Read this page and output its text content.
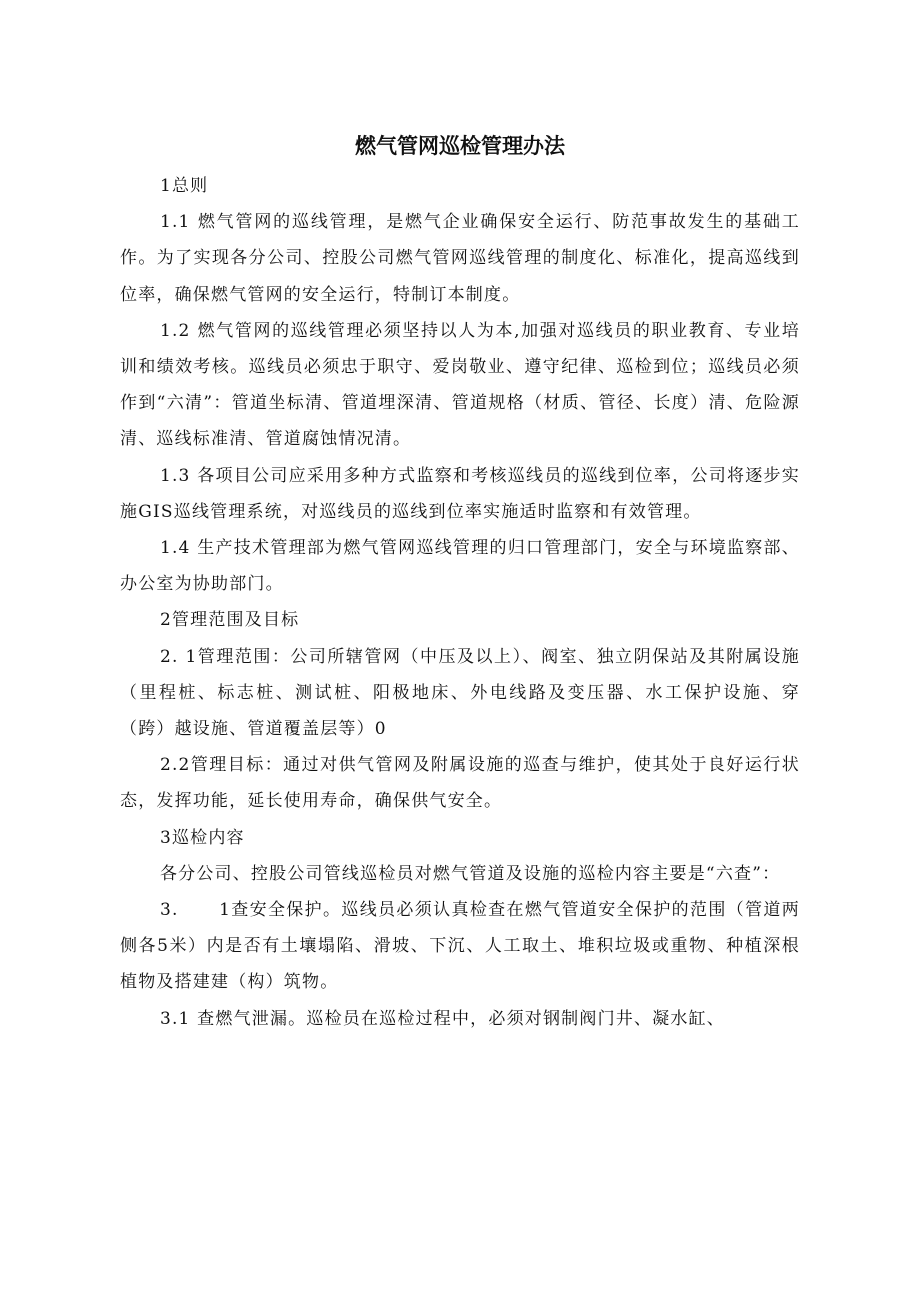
燃气管网巡检管理办法

1总则

1.1 燃气管网的巡线管理，是燃气企业确保安全运行、防范事故发生的基础工作。为了实现各分公司、控股公司燃气管网巡线管理的制度化、标准化，提高巡线到位率，确保燃气管网的安全运行，特制订本制度。

1.2 燃气管网的巡线管理必须坚持以人为本,加强对巡线员的职业教育、专业培训和绩效考核。巡线员必须忠于职守、爱岗敬业、遵守纪律、巡检到位；巡线员必须作到“六清”：管道坐标清、管道埋深清、管道规格（材质、管径、长度）清、危险源清、巡线标准清、管道腐蚀情况清。

1.3 各项目公司应采用多种方式监察和考核巡线员的巡线到位率，公司将逐步实施GIS巡线管理系统，对巡线员的巡线到位率实施适时监察和有效管理。

1.4 生产技术管理部为燃气管网巡线管理的归口管理部门，安全与环境监察部、办公室为协助部门。

2管理范围及目标

2. 1管理范围：公司所辖管网（中压及以上）、阀室、独立阴保站及其附属设施（里程桩、标志桩、测试桩、阳极地床、外电线路及变压器、水工保护设施、穿（跨）越设施、管道覆盖层等）0

2.2管理目标：通过对供气管网及附属设施的巡查与维护，使其处于良好运行状态，发挥功能，延长使用寿命，确保供气安全。

3巡检内容

各分公司、控股公司管线巡检员对燃气管道及设施的巡检内容主要是“六查”：

3.      1查安全保护。巡线员必须认真检查在燃气管道安全保护的范围（管道两侧各5米）内是否有土壤塌陷、滑坡、下沉、人工取土、堆积垃圾或重物、种植深根植物及搭建建（构）筑物。

3.1 查燃气泄漏。巡检员在巡检过程中，必须对钢制阀门井、凝水缸、
